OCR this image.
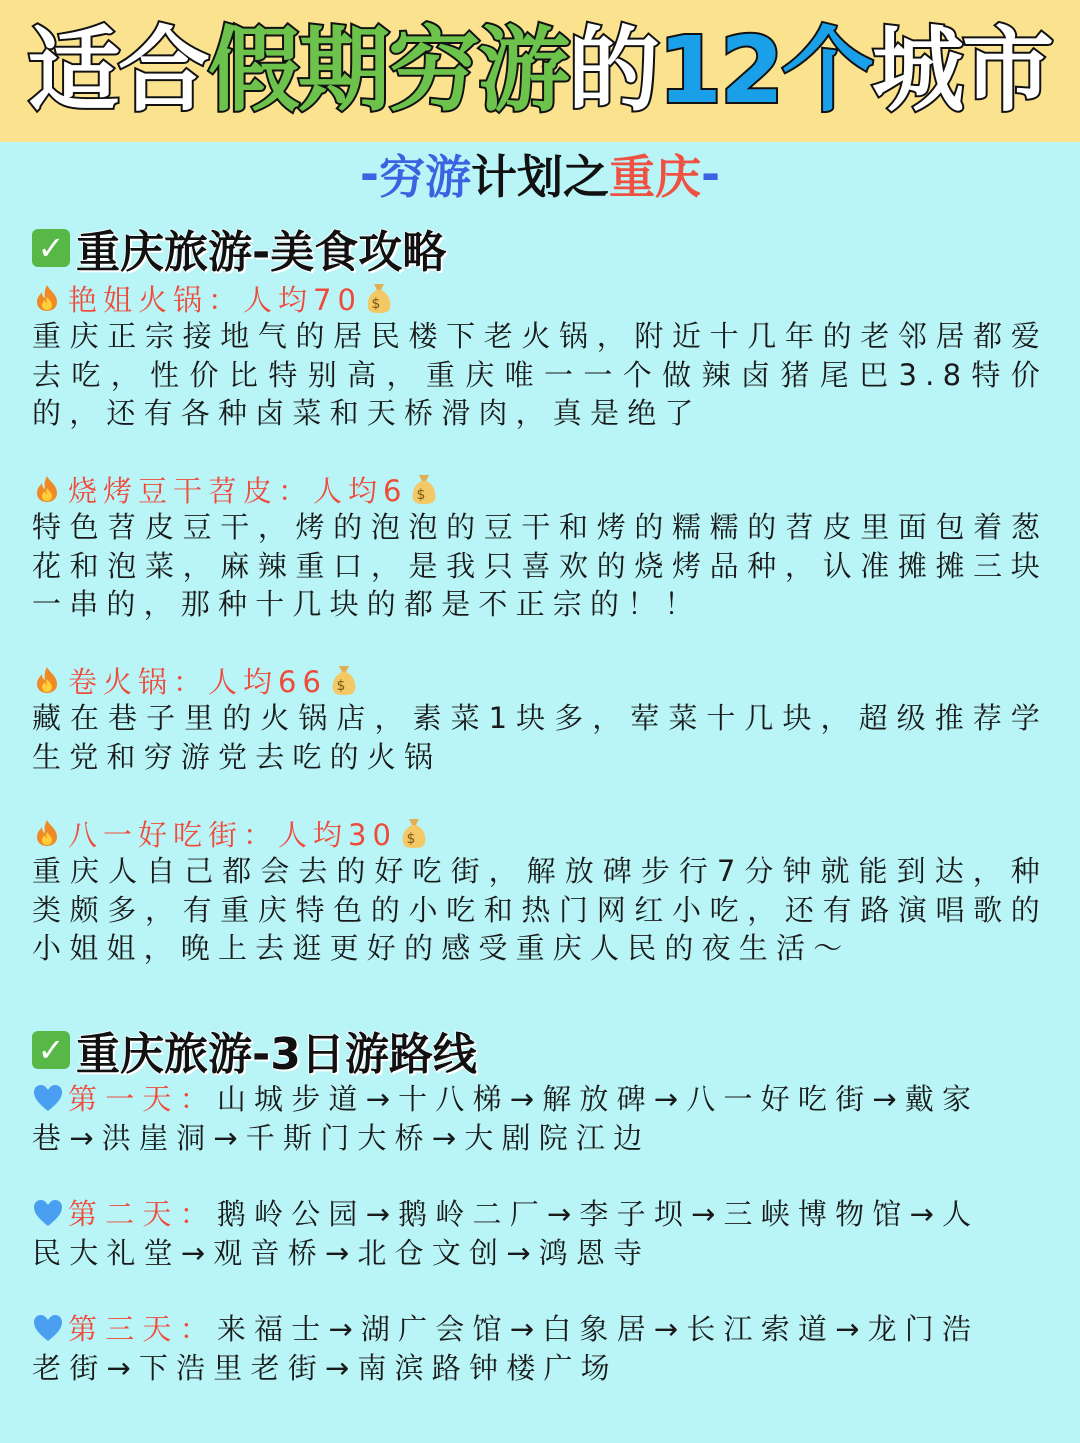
适合假期穷游的12个城市
- 穷游 计划之 重庆 -
✓ 重庆旅游-美食攻略
艳姐火锅：人均70 $

重庆正宗接地气的居民楼下老火锅，附近十几年的老邻居都爱去吃，性价比特别高，重庆唯一一个做辣卤猪尾巴3.8特价的，还有各种卤菜和天桥滑肉，真是绝了

烧烤豆干苕皮：人均6 $

特色苕皮豆干，烤的泡泡的豆干和烤的糯糯的苕皮里面包着葱花和泡菜，麻辣重口，是我只喜欢的烧烤品种，认准摊摊三块一串的，那种十几块的都是不正宗的！！

卷火锅：人均66 $

藏在巷子里的火锅店，素菜1块多，荤菜十几块，超级推荐学生党和穷游党去吃的火锅

八一好吃街：人均30 $

重庆人自己都会去的好吃街，解放碑步行7分钟就能到达，种类颇多，有重庆特色的小吃和热门网红小吃，还有路演唱歌的小姐姐，晚上去逛更好的感受重庆人民的夜生活～

✓ 重庆旅游-3日游路线

第一天：山城步道→十八梯→解放碑→八一好吃街→戴家

巷→洪崖洞→千斯门大桥→大剧院江边

第二天：鹅岭公园→鹅岭二厂→李子坝→三峡博物馆→人

民大礼堂→观音桥→北仓文创→鸿恩寺

第三天：来福士→湖广会馆→白象居→长江索道→龙门浩

老街→下浩里老街→南滨路钟楼广场
